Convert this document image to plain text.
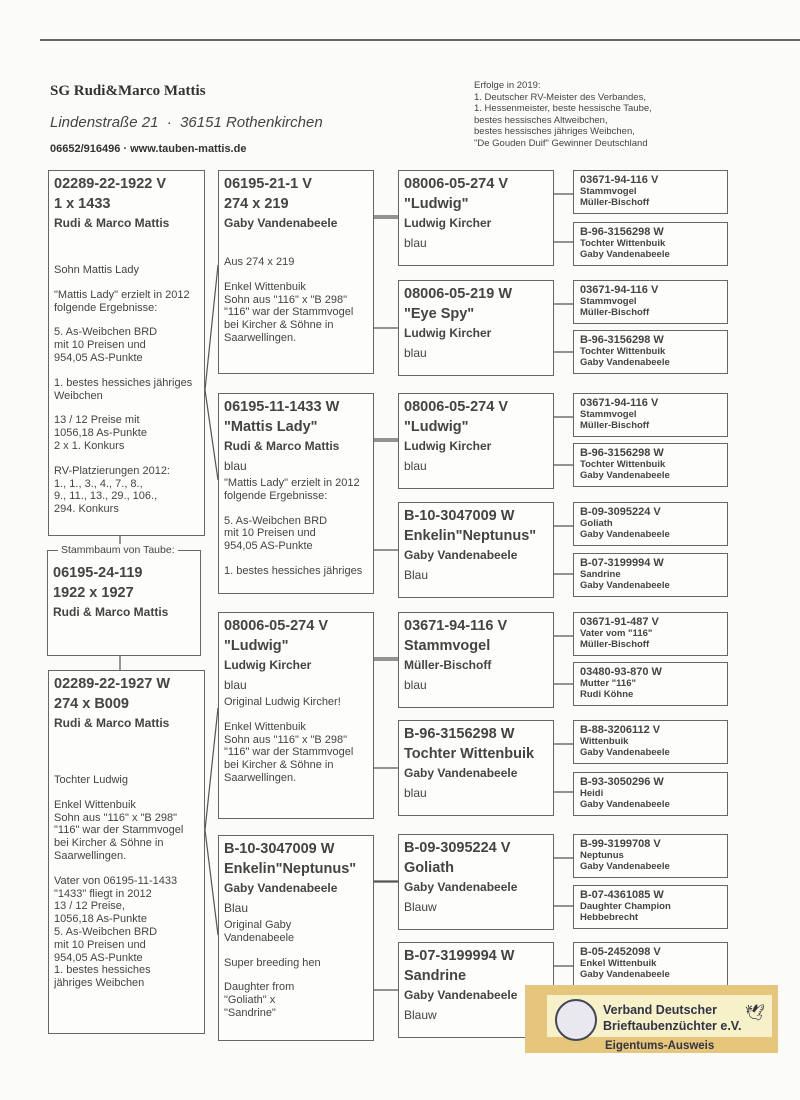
SG Rudi&Marco Mattis
Lindenstraße 21  ·  36151 Rothenkirchen
06652/916496 · www.tauben-mattis.de
Erfolge in 2019:
1. Deutscher RV-Meister des Verbandes,
1. Hessenmeister, beste hessische Taube,
bestes hessisches Altweibchen,
bestes hessisches jähriges Weibchen,
"De Gouden Duif" Gewinner Deutschland
02289-22-1922 V
1 x 1433
Rudi & Marco Mattis
Sohn Mattis Lady
"Mattis Lady" erzielt in 2012
folgende Ergebnisse:
5. As-Weibchen BRD
mit 10 Preisen und
954,05 AS-Punkte
1. bestes hessiches jähriges
Weibchen
13 / 12 Preise mit
1056,18 As-Punkte
2 x 1. Konkurs
RV-Platzierungen 2012:
1., 1., 3., 4., 7., 8.,
9., 11., 13., 29., 106.,
294. Konkurs
02289-22-1927 W
274 x B009
Rudi & Marco Mattis
Tochter Ludwig
Enkel Wittenbuik
Sohn aus "116" x "B 298"
"116" war der Stammvogel
bei Kircher & Söhne in
Saarwellingen.
Vater von 06195-11-1433
"1433" fliegt in 2012
13 / 12 Preise,
1056,18 As-Punkte
5. As-Weibchen BRD
mit 10 Preisen und
954,05 AS-Punkte
1. bestes hessiches
jähriges Weibchen
06195-21-1 V
274 x 219
Gaby Vandenabeele
Aus 274 x 219
Enkel Wittenbuik
Sohn aus "116" x "B 298"
"116" war der Stammvogel
bei Kircher & Söhne in
Saarwellingen.
06195-11-1433 W
"Mattis Lady"
Rudi & Marco Mattis
blau
"Mattis Lady" erzielt in 2012
folgende Ergebnisse:
5. As-Weibchen BRD
mit 10 Preisen und
954,05 AS-Punkte
1. bestes hessiches jähriges
08006-05-274 V
"Ludwig"
Ludwig Kircher
blau
Original Ludwig Kircher!
Enkel Wittenbuik
Sohn aus "116" x "B 298"
"116" war der Stammvogel
bei Kircher & Söhne in
Saarwellingen.
B-10-3047009 W
Enkelin"Neptunus"
Gaby Vandenabeele
Blau
Original Gaby
Vandenabeele
Super breeding hen
Daughter from
"Goliath" x
"Sandrine"
08006-05-274 V
"Ludwig"
Ludwig Kircher
blau
08006-05-219 W
"Eye Spy"
Ludwig Kircher
blau
08006-05-274 V
"Ludwig"
Ludwig Kircher
blau
B-10-3047009 W
Enkelin"Neptunus"
Gaby Vandenabeele
Blau
03671-94-116 V
Stammvogel
Müller-Bischoff
blau
B-96-3156298 W
Tochter Wittenbuik
Gaby Vandenabeele
blau
B-09-3095224 V
Goliath
Gaby Vandenabeele
Blauw
B-07-3199994 W
Sandrine
Gaby Vandenabeele
Blauw
03671-94-116 V
Stammvogel
Müller-Bischoff
B-96-3156298 W
Tochter Wittenbuik
Gaby Vandenabeele
03671-94-116 V
Stammvogel
Müller-Bischoff
B-96-3156298 W
Tochter Wittenbuik
Gaby Vandenabeele
03671-94-116 V
Stammvogel
Müller-Bischoff
B-96-3156298 W
Tochter Wittenbuik
Gaby Vandenabeele
B-09-3095224 V
Goliath
Gaby Vandenabeele
B-07-3199994 W
Sandrine
Gaby Vandenabeele
03671-91-487 V
Vater vom "116"
Müller-Bischoff
03480-93-870 W
Mutter "116"
Rudi Köhne
B-88-3206112 V
Wittenbuik
Gaby Vandenabeele
B-93-3050296 W
Heidi
Gaby Vandenabeele
B-99-3199708 V
Neptunus
Gaby Vandenabeele
B-07-4361085 W
Daughter Champion
Hebbebrecht
B-05-2452098 V
Enkel Wittenbuik
Gaby Vandenabeele
06195-24-119
1922 x 1927
Rudi & Marco Mattis
Stammbaum von Taube:
Verband Deutscher
Brieftaubenzüchter e.V.
🕊
Eigentums-Ausweis
